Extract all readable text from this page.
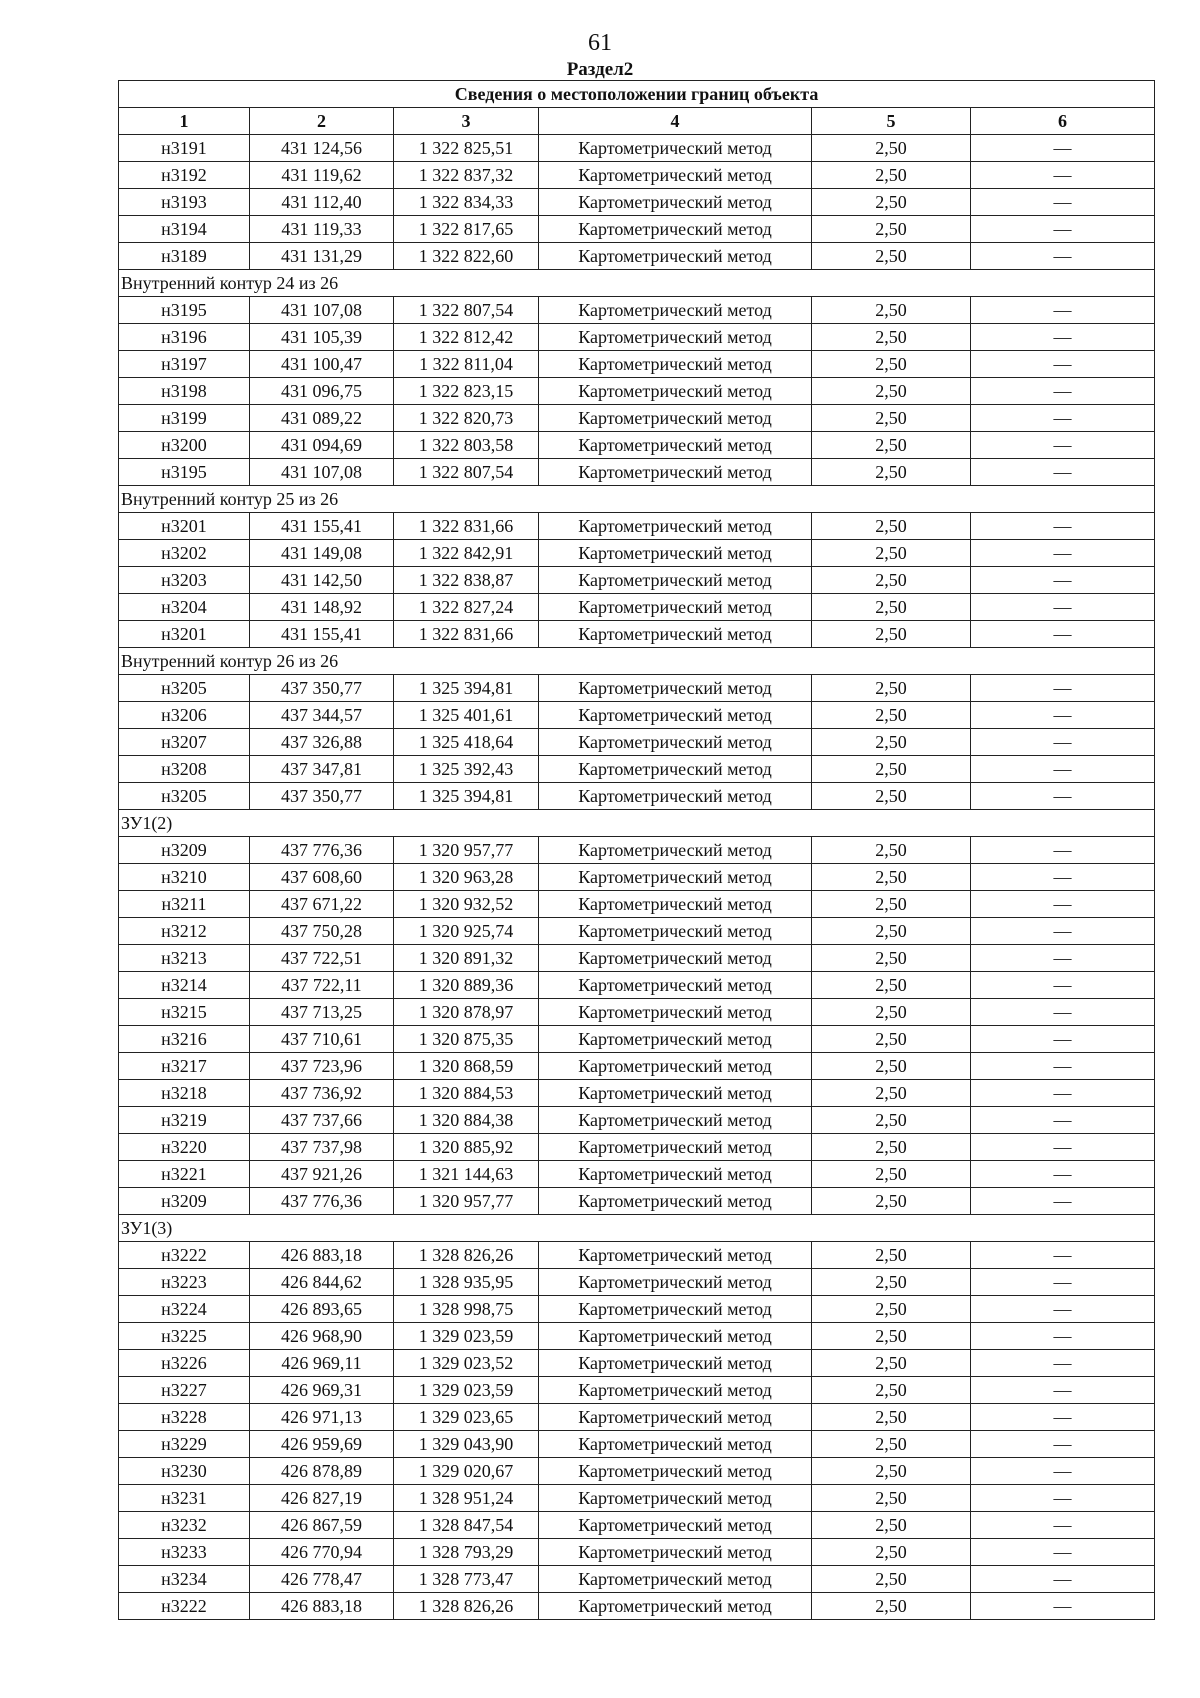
61
Раздел2
Сведения о местоположении границ объекта					
1	2	3	4	5	6
н3191	431 124,56	1 322 825,51	Картометрический метод	2,50	—
н3192	431 119,62	1 322 837,32	Картометрический метод	2,50	—
н3193	431 112,40	1 322 834,33	Картометрический метод	2,50	—
н3194	431 119,33	1 322 817,65	Картометрический метод	2,50	—
н3189	431 131,29	1 322 822,60	Картометрический метод	2,50	—
Внутренний контур 24 из 26					
н3195	431 107,08	1 322 807,54	Картометрический метод	2,50	—
н3196	431 105,39	1 322 812,42	Картометрический метод	2,50	—
н3197	431 100,47	1 322 811,04	Картометрический метод	2,50	—
н3198	431 096,75	1 322 823,15	Картометрический метод	2,50	—
н3199	431 089,22	1 322 820,73	Картометрический метод	2,50	—
н3200	431 094,69	1 322 803,58	Картометрический метод	2,50	—
н3195	431 107,08	1 322 807,54	Картометрический метод	2,50	—
Внутренний контур 25 из 26					
н3201	431 155,41	1 322 831,66	Картометрический метод	2,50	—
н3202	431 149,08	1 322 842,91	Картометрический метод	2,50	—
н3203	431 142,50	1 322 838,87	Картометрический метод	2,50	—
н3204	431 148,92	1 322 827,24	Картометрический метод	2,50	—
н3201	431 155,41	1 322 831,66	Картометрический метод	2,50	—
Внутренний контур 26 из 26					
н3205	437 350,77	1 325 394,81	Картометрический метод	2,50	—
н3206	437 344,57	1 325 401,61	Картометрический метод	2,50	—
н3207	437 326,88	1 325 418,64	Картометрический метод	2,50	—
н3208	437 347,81	1 325 392,43	Картометрический метод	2,50	—
н3205	437 350,77	1 325 394,81	Картометрический метод	2,50	—
ЗУ1(2)					
н3209	437 776,36	1 320 957,77	Картометрический метод	2,50	—
н3210	437 608,60	1 320 963,28	Картометрический метод	2,50	—
н3211	437 671,22	1 320 932,52	Картометрический метод	2,50	—
н3212	437 750,28	1 320 925,74	Картометрический метод	2,50	—
н3213	437 722,51	1 320 891,32	Картометрический метод	2,50	—
н3214	437 722,11	1 320 889,36	Картометрический метод	2,50	—
н3215	437 713,25	1 320 878,97	Картометрический метод	2,50	—
н3216	437 710,61	1 320 875,35	Картометрический метод	2,50	—
н3217	437 723,96	1 320 868,59	Картометрический метод	2,50	—
н3218	437 736,92	1 320 884,53	Картометрический метод	2,50	—
н3219	437 737,66	1 320 884,38	Картометрический метод	2,50	—
н3220	437 737,98	1 320 885,92	Картометрический метод	2,50	—
н3221	437 921,26	1 321 144,63	Картометрический метод	2,50	—
н3209	437 776,36	1 320 957,77	Картометрический метод	2,50	—
ЗУ1(3)					
н3222	426 883,18	1 328 826,26	Картометрический метод	2,50	—
н3223	426 844,62	1 328 935,95	Картометрический метод	2,50	—
н3224	426 893,65	1 328 998,75	Картометрический метод	2,50	—
н3225	426 968,90	1 329 023,59	Картометрический метод	2,50	—
н3226	426 969,11	1 329 023,52	Картометрический метод	2,50	—
н3227	426 969,31	1 329 023,59	Картометрический метод	2,50	—
н3228	426 971,13	1 329 023,65	Картометрический метод	2,50	—
н3229	426 959,69	1 329 043,90	Картометрический метод	2,50	—
н3230	426 878,89	1 329 020,67	Картометрический метод	2,50	—
н3231	426 827,19	1 328 951,24	Картометрический метод	2,50	—
н3232	426 867,59	1 328 847,54	Картометрический метод	2,50	—
н3233	426 770,94	1 328 793,29	Картометрический метод	2,50	—
н3234	426 778,47	1 328 773,47	Картометрический метод	2,50	—
н3222	426 883,18	1 328 826,26	Картометрический метод	2,50	—
